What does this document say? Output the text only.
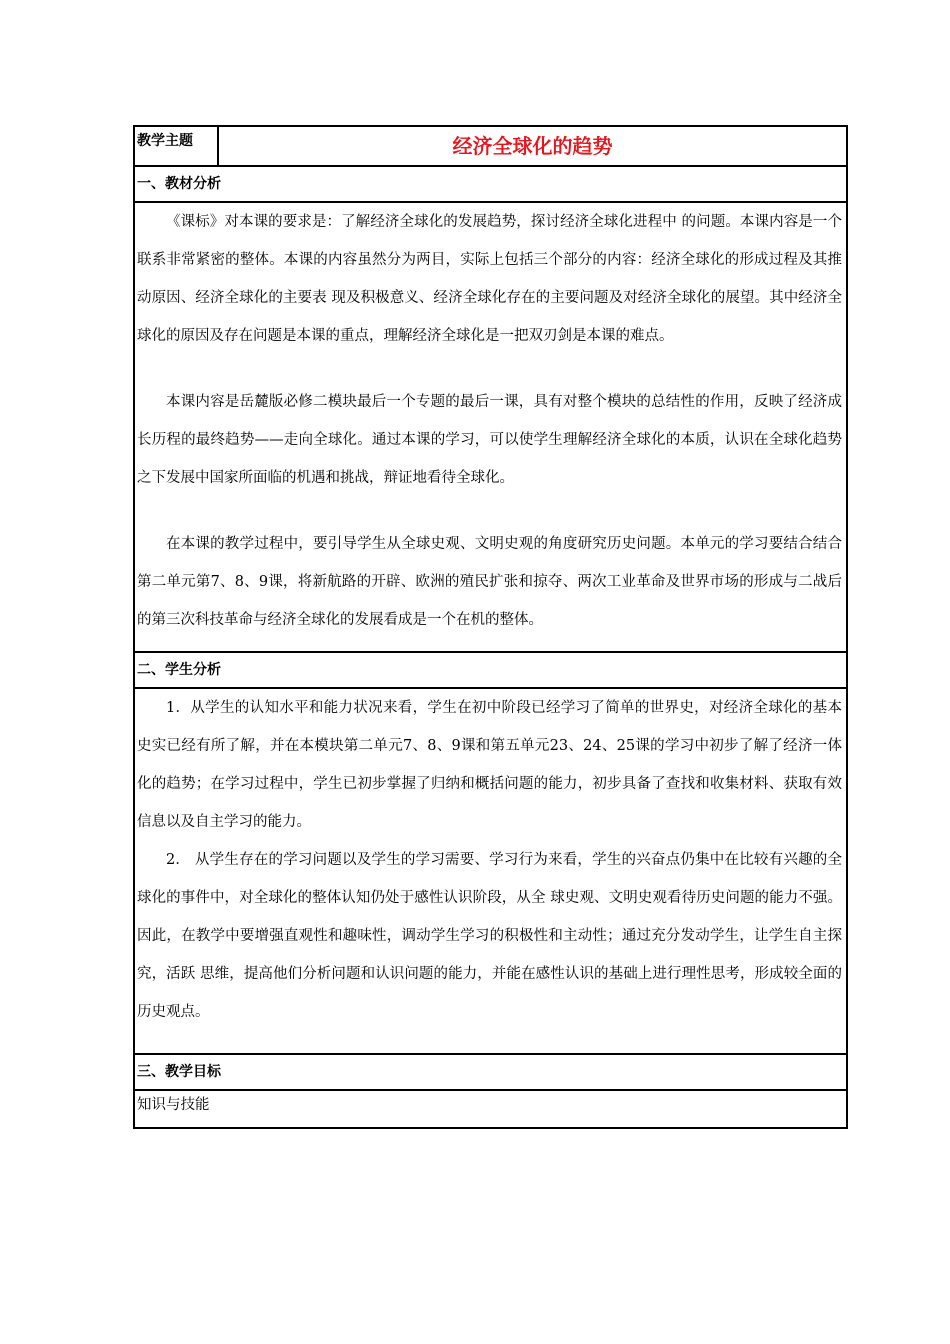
教学主题	经济全球化的趋势
一、教材分析

《课标》对本课的要求是：了解经济全球化的发展趋势，探讨经济全球化进程中 的问题。本课内容是一个联系非常紧密的整体。本课的内容虽然分为两目，实际上包括三个部分的内容：经济全球化的形成过程及其推动原因、经济全球化的主要表 现及积极意义、经济全球化存在的主要问题及对经济全球化的展望。其中经济全球化的原因及存在问题是本课的重点，理解经济全球化是一把双刃剑是本课的难点。

本课内容是岳麓版必修二模块最后一个专题的最后一课，具有对整个模块的总结性的作用，反映了经济成长历程的最终趋势——走向全球化。通过本课的学习，可以使学生理解经济全球化的本质，认识在全球化趋势之下发展中国家所面临的机遇和挑战，辩证地看待全球化。

在本课的教学过程中，要引导学生从全球史观、文明史观的角度研究历史问题。本单元的学习要结合结合第二单元第7、8、9课，将新航路的开辟、欧洲的殖民扩张和掠夺、两次工业革命及世界市场的形成与二战后的第三次科技革命与经济全球化的发展看成是一个在机的整体。

二、学生分析

1．从学生的认知水平和能力状况来看，学生在初中阶段已经学习了简单的世界史，对经济全球化的基本史实已经有所了解，并在本模块第二单元7、8、9课和第五单元23、24、25课的学习中初步了解了经济一体化的趋势；在学习过程中，学生已初步掌握了归纳和概括问题的能力，初步具备了查找和收集材料、获取有效信息以及自主学习的能力。

2． 从学生存在的学习问题以及学生的学习需要、学习行为来看，学生的兴奋点仍集中在比较有兴趣的全球化的事件中，对全球化的整体认知仍处于感性认识阶段，从全 球史观、文明史观看待历史问题的能力不强。因此，在教学中要增强直观性和趣味性，调动学生学习的积极性和主动性；通过充分发动学生，让学生自主探究，活跃 思维，提高他们分析问题和认识问题的能力，并能在感性认识的基础上进行理性思考，形成较全面的历史观点。

三、教学目标
知识与技能
